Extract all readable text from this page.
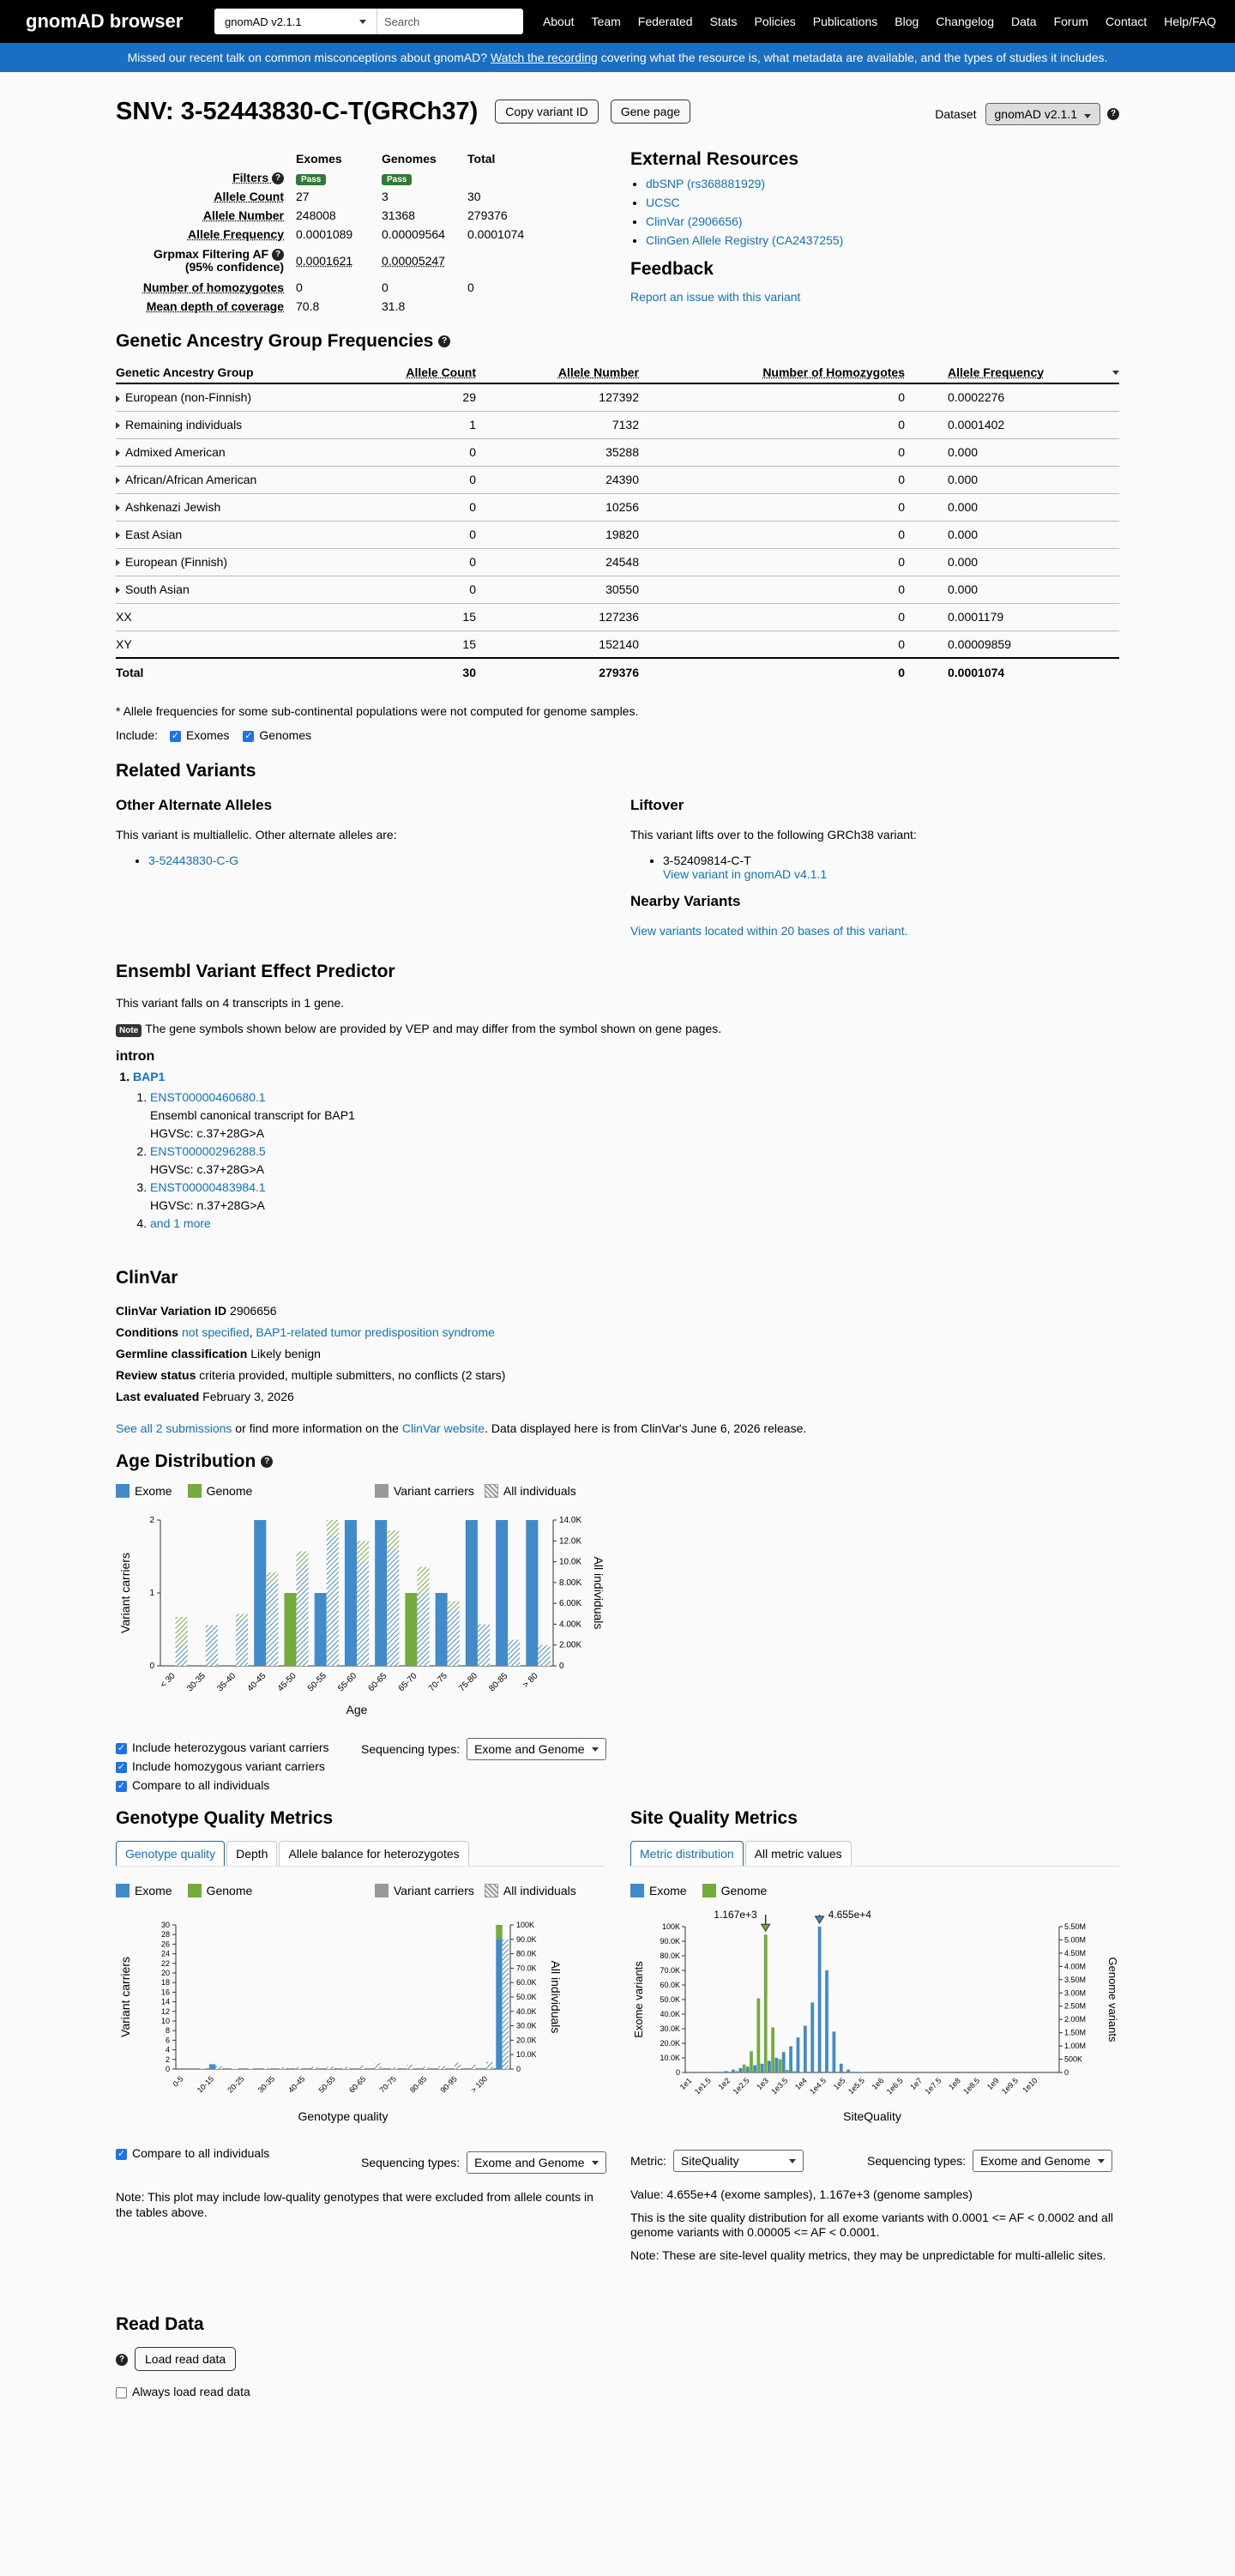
gnomAD browser	gnomAD v2.1.1	Search	About Team Federated Stats Policies Publications Blog Changelog Data Forum Contact Help/FAQ
Missed our recent talk on common misconceptions about gnomAD? Watch the recording covering what the resource is, what metadata are available, and the types of studies it includes.
SNV: 3-52443830-C-T(GRCh37)	Copy variant ID	Gene page	Dataset	gnomAD v2.1.1	?
	Exomes	Genomes	Total
Filters ?	Pass	Pass	
Allele Count	27	3	30
Allele Number	248008	31368	279376
Allele Frequency	0.0001089	0.00009564	0.0001074
Grpmax Filtering AF ?
(95% confidence)	0.0001621	0.00005247	
Number of homozygotes	0	0	0
Mean depth of coverage	70.8	31.8	
External Resources
• dbSNP (rs368881929)
• UCSC
• ClinVar (2906656)
• ClinGen Allele Registry (CA2437255)
Feedback
Report an issue with this variant
Genetic Ancestry Group Frequencies ?
Genetic Ancestry Group	Allele Count	Allele Number	Number of Homozygotes	Allele Frequency

European (non-Finnish)	29	127392	0	0.0002276
Remaining individuals	1	7132	0	0.0001402
Admixed American	0	35288	0	0.000
African/African American	0	24390	0	0.000
Ashkenazi Jewish	0	10256	0	0.000
East Asian	0	19820	0	0.000
European (Finnish)	0	24548	0	0.000
South Asian	0	30550	0	0.000
XX	15	127236	0	0.0001179
XY	15	152140	0	0.00009859
Total	30	279376	0	0.0001074
* Allele frequencies for some sub-continental populations were not computed for genome samples.
Include: ✓ Exomes ✓ Genomes
Related Variants
Other Alternate Alleles
This variant is multiallelic. Other alternate alleles are:
• 3-52443830-C-G
Liftover
This variant lifts over to the following GRCh38 variant:
• 3-52409814-C-T
View variant in gnomAD v4.1.1
Nearby Variants
View variants located within 20 bases of this variant.
Ensembl Variant Effect Predictor
This variant falls on 4 transcripts in 1 gene.
Note The gene symbols shown below are provided by VEP and may differ from the symbol shown on gene pages.
intron
1. BAP1
1. ENST00000460680.1
Ensembl canonical transcript for BAP1
HGVSc: c.37+28G>A
2. ENST00000296288.5
HGVSc: c.37+28G>A
3. ENST00000483984.1
HGVSc: n.37+28G>A
4. and 1 more
ClinVar
ClinVar Variation ID 2906656
Conditions not specified, BAP1-related tumor predisposition syndrome
Germline classification Likely benign
Review status criteria provided, multiple submitters, no conflicts (2 stars)
Last evaluated February 3, 2026
See all 2 submissions or find more information on the ClinVar website. Data displayed here is from ClinVar's June 6, 2026 release.
Age Distribution ?
Exome	Genome	Variant carriers All individuals
0
1
2
0
2.00K
4.00K
6.00K
8.00K
10.0K
12.0K
14.0K
< 30 30-35 35-40 40-45 45-50 50-55 55-60 60-65 65-70 70-75 75-80 80-85 > 80
Age
Variant carriers	All individuals
✓ Include heterozygous variant carriers
✓ Include homozygous variant carriers
✓ Compare to all individuals
Sequencing types: Exome and Genome
Genotype Quality Metrics
Genotype quality	Depth	Allele balance for heterozygotes
Exome	Genome	Variant carriers All individuals
0
2
4
6
8
10
12
14
16
18
20
22
24
26
28
30
0
10.0K
20.0K
30.0K
40.0K
50.0K
60.0K
70.0K
80.0K
90.0K
100K
0-5 10-15 20-25 30-35 40-45 50-55 60-65 70-75 80-85 90-95 > 100
Genotype quality
Variant carriers	All individuals
✓ Compare to all individuals
Sequencing types: Exome and Genome
Note: This plot may include low-quality genotypes that were excluded from allele counts in the tables above.
Site Quality Metrics
Metric distribution	All metric values
Exome	Genome
0
10.0K
20.0K
30.0K
40.0K
50.0K
60.0K
70.0K
80.0K
90.0K
100K
0
500K
1.00M
1.50M
2.00M
2.50M
3.00M
3.50M
4.00M
4.50M
5.00M
5.50M
1.167e+3	4.655e+4
1e1 1e1.5 1e2 1e2.5 1e3 1e3.5 1e4 1e4.5 1e5 1e5.5 1e6 1e6.5 1e7 1e7.5 1e8 1e8.5 1e9 1e9.5 1e10
SiteQuality
Exome variants	Genome variants
Metric: SiteQuality	Sequencing types: Exome and Genome
Value: 4.655e+4 (exome samples), 1.167e+3 (genome samples)
This is the site quality distribution for all exome variants with 0.0001 <= AF < 0.0002 and all genome variants with 0.00005 <= AF < 0.0001.
Note: These are site-level quality metrics, they may be unpredictable for multi-allelic sites.
Read Data
? Load read data
Always load read data
